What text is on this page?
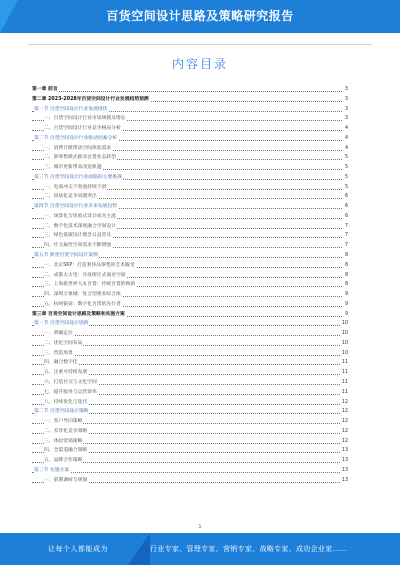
百货空间设计思路及策略研究报告
内容目录
第一章 前言	3
第二章 2023-2028年百货空间设计行业发展趋势预测	3
第一节 百货空间设计行业发展现状	3
一、百货空间设计行业市场规模及增长	3
二、百货空间设计行业竞争格局分析	4
第二节 百货空间设计行业驱动因素分析	4
一、消费升级带动空间体验需求	4
二、新零售模式推动百货业态转型	5
三、城市更新带来改造机遇	5
第三节 百货空间设计行业面临的主要挑战	5
一、电商冲击下客流持续下滑	5
二、同质化竞争问题突出	6
第四节 百货空间设计行业未来发展趋势	6
一、场景化与体验式设计成为主流	6
二、数字化技术深度融合空间设计	7
三、绿色低碳设计理念日益普及	7
四、社交属性空间需求不断增强	7
第五节 典型百货空间设计案例	8
一、北京SKP：打造奢侈品零售的艺术殿堂	8
二、成都太古里：开放街区式商业空间	8
三、上海新世界大丸百货：传统百货的焕新	8
四、深圳万象城：复合型商业综合体	9
五、杭州银泰：数字化百货的先行者	9
第三章 百货空间设计思路及策略和实施方案	9
第一节 百货空间设计思路	10
一、明确定位	10
二、优化空间布局	10
三、营造场景	10
四、融合数字化	11
五、注重可持续发展	11
六、打造社交与文化空间	11
七、提升服务与运营效率	11
八、持续优化与迭代	12
第二节 百货空间设计策略	12
一、客户导向策略	12
二、差异化竞争策略	12
三、体验营销策略	12
四、全渠道融合策略	13
五、品牌合作策略	13
第三节 实施方案	13
一、前期调研与规划	13
1
让每个人都能成为	行业专家、管理专家、营销专家、战略专家、成功企业家……
